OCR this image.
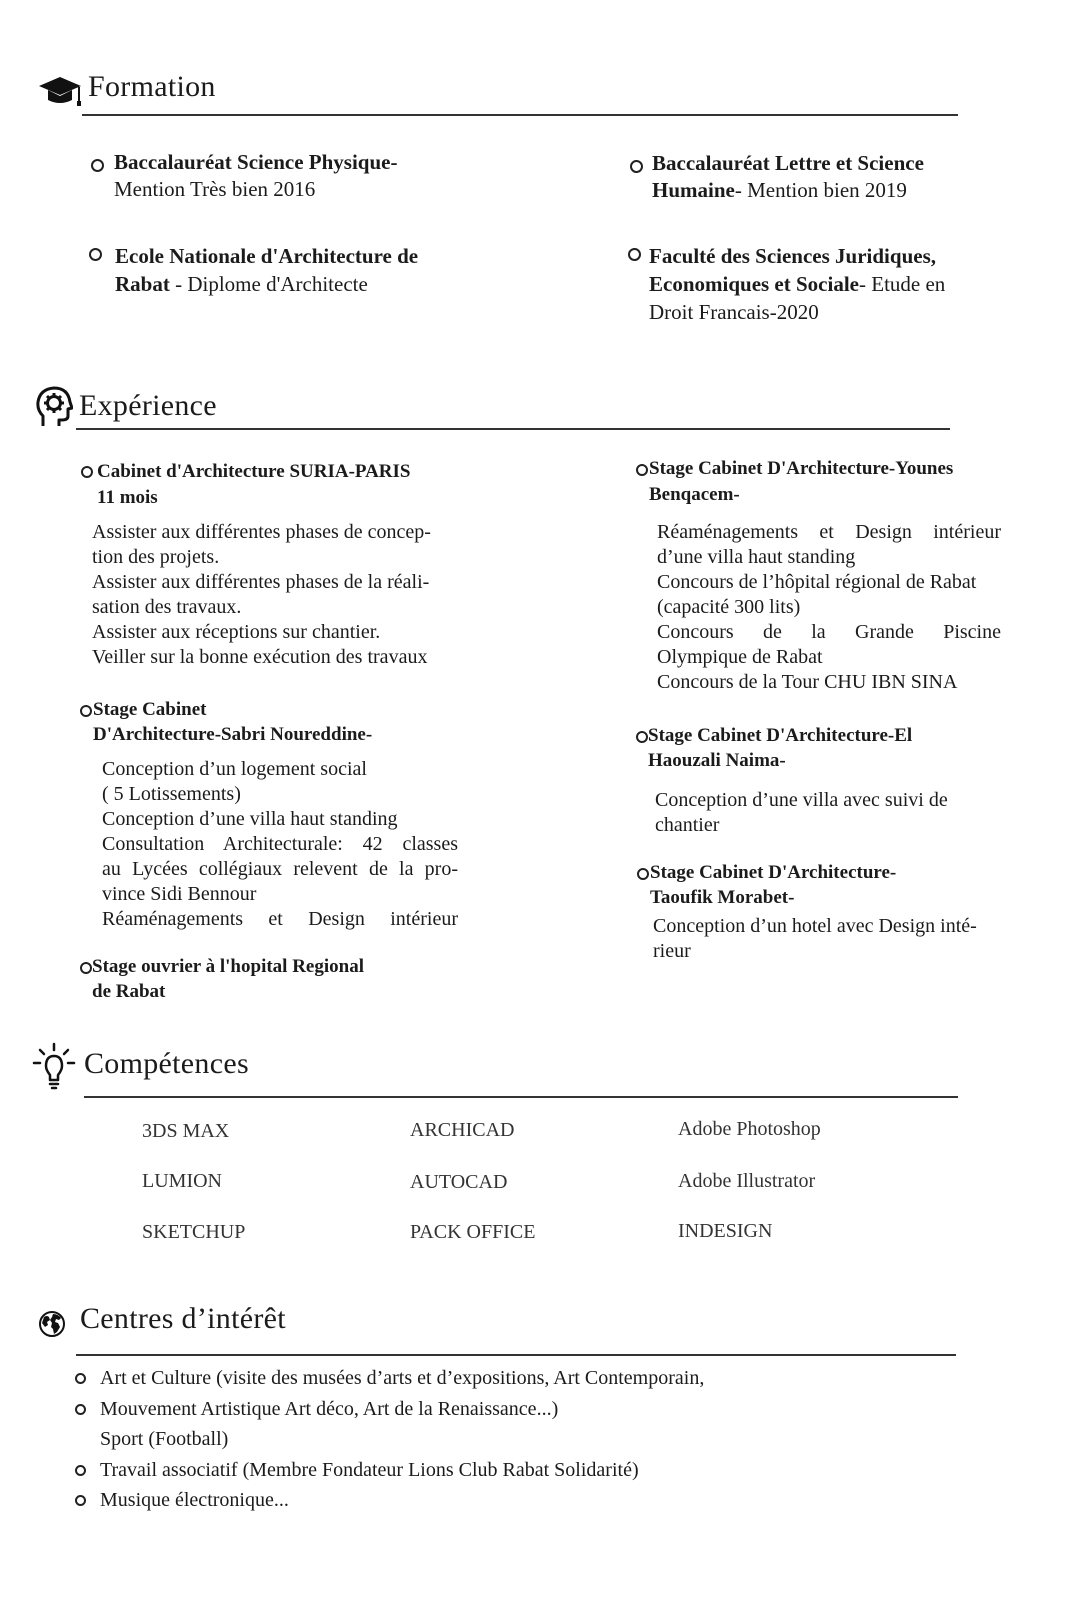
Formation
Baccalauréat Science Physique-
Mention Très bien 2016
Baccalauréat Lettre et Science
Humaine- Mention bien 2019
Ecole Nationale d'Architecture de
Rabat - Diplome d'Architecte
Faculté des Sciences Juridiques,
Economiques et Sociale- Etude en
Droit Francais-2020
Expérience
Cabinet d'Architecture SURIA-PARIS
11 mois
Assister aux différentes phases de concep-
tion des projets.
Assister aux différentes phases de la réali-
sation des travaux.
Assister aux réceptions sur chantier.
Veiller sur la bonne exécution des travaux
Stage Cabinet
D'Architecture-Sabri Noureddine-
Conception d’un logement social
( 5 Lotissements)
Conception d’une villa haut standing
Consultation Architecturale: 42 classes
au Lycées collégiaux relevent de la pro-
vince Sidi Bennour
Réaménagements et Design intérieur
Stage ouvrier à l'hopital Regional
de Rabat
Stage Cabinet D'Architecture-Younes
Benqacem-
Réaménagements et Design intérieur
d’une villa haut standing
Concours de l’hôpital régional de Rabat
(capacité 300 lits)
Concours de la Grande Piscine
Olympique de Rabat
Concours de la Tour CHU IBN SINA
Stage Cabinet D'Architecture-El
Haouzali Naima-
Conception d’une villa avec suivi de
chantier
Stage Cabinet D'Architecture-
Taoufik Morabet-
Conception d’un hotel avec Design inté-
rieur
Compétences
3DS MAX	ARCHICAD	Adobe Photoshop
LUMION	AUTOCAD	Adobe Illustrator
SKETCHUP	PACK OFFICE	INDESIGN
Centres d’intérêt
Art et Culture (visite des musées d’arts et d’expositions, Art Contemporain,
Mouvement Artistique Art déco, Art de la Renaissance...)
Sport (Football)
Travail associatif (Membre Fondateur Lions Club Rabat Solidarité)
Musique électronique...
